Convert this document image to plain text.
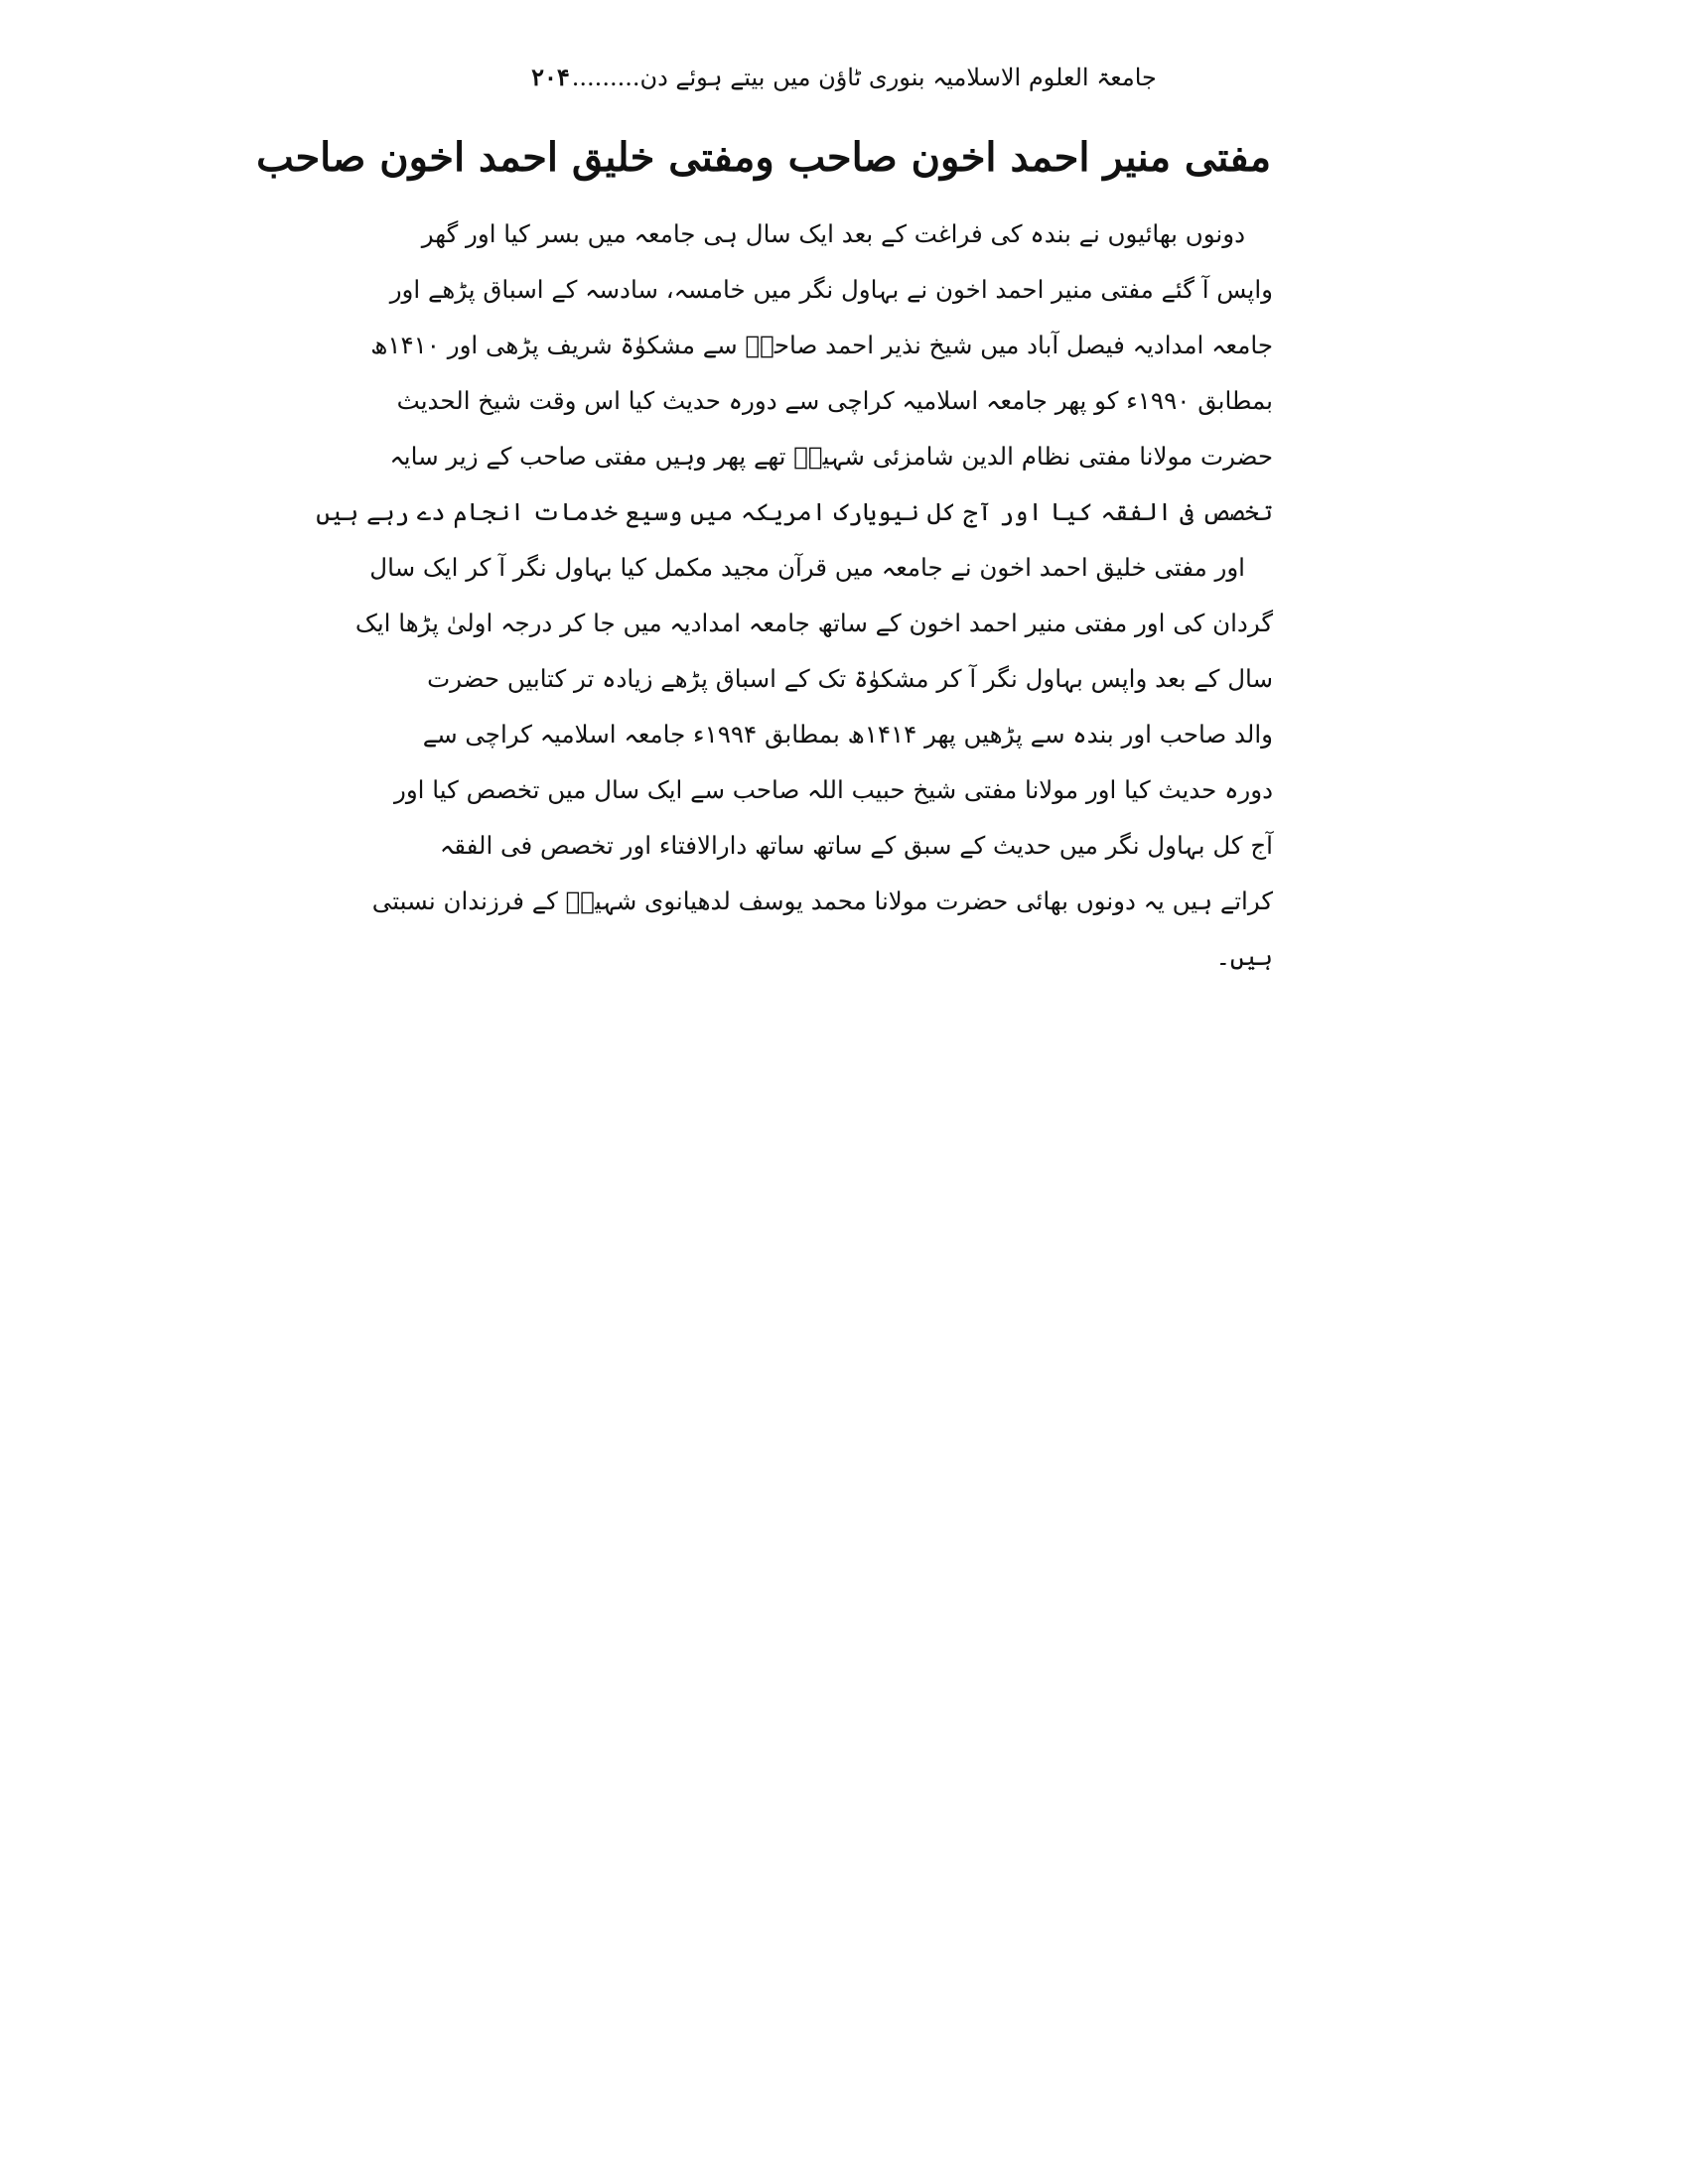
جامعۃ العلوم الاسلامیہ بنوری ٹاؤن میں بیتے ہوئے دن.........۲۰۴
مفتی منیر احمد اخون صاحب ومفتی خلیق احمد اخون صاحب
دونوں بھائیوں نے بندہ کی فراغت کے بعد ایک سال ہی جامعہ میں بسر کیا اور گھر
واپس آ گئے مفتی منیر احمد اخون نے بہاول نگر میں خامسہ، سادسہ کے اسباق پڑھے اور
جامعہ امدادیہ فیصل آباد میں شیخ نذیر احمد صاحبؒ سے مشکوٰۃ شریف پڑھی اور ۱۴۱۰ھ
بمطابق ۱۹۹۰ء کو پھر جامعہ اسلامیہ کراچی سے دورہ حدیث کیا اس وقت شیخ الحدیث
حضرت مولانا مفتی نظام الدین شامزئی شہیدؒ تھے پھر وہیں مفتی صاحب کے زیر سایہ
تخصص فی الفقہ کیا اور آج کل نیویارک امریکہ میں وسیع خدمات انجام دے رہے ہیں
اور مفتی خلیق احمد اخون نے جامعہ میں قرآن مجید مکمل کیا بہاول نگر آ کر ایک سال
گردان کی اور مفتی منیر احمد اخون کے ساتھ جامعہ امدادیہ میں جا کر درجہ اولیٰ پڑھا ایک
سال کے بعد واپس بہاول نگر آ کر مشکوٰۃ تک کے اسباق پڑھے زیادہ تر کتابیں حضرت
والد صاحب اور بندہ سے پڑھیں پھر ۱۴۱۴ھ بمطابق ۱۹۹۴ء جامعہ اسلامیہ کراچی سے
دورہ حدیث کیا اور مولانا مفتی شیخ حبیب اللہ صاحب سے ایک سال میں تخصص کیا اور
آج کل بہاول نگر میں حدیث کے سبق کے ساتھ ساتھ دارالافتاء اور تخصص فی الفقہ
کراتے ہیں یہ دونوں بھائی حضرت مولانا محمد یوسف لدھیانوی شہیدؒ کے فرزندان نسبتی
ہیں۔
